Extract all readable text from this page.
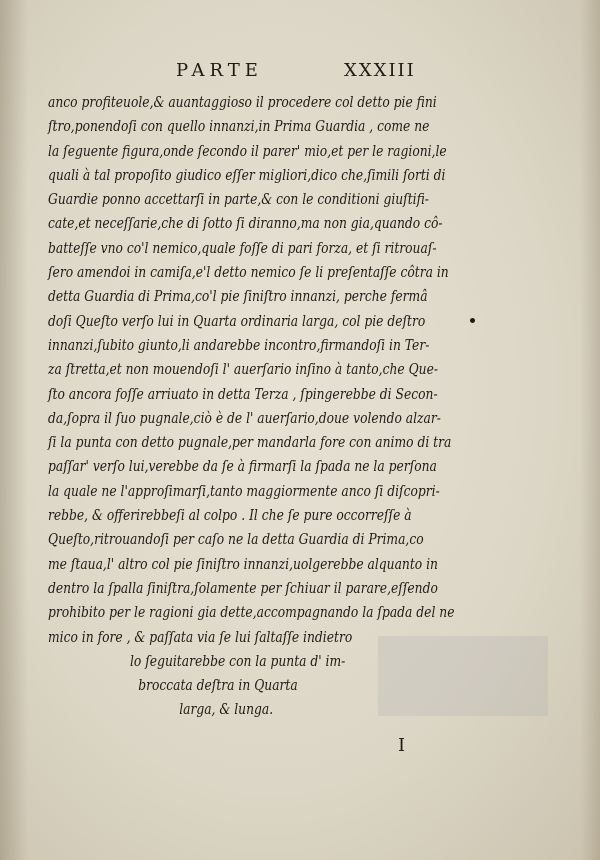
PARTE	XXXIII
anco profiteuole,& auantaggioso il procedere col detto pie fini
ſtro,ponendoſi con quello innanzi,in Prima Guardia , come ne
la ſeguente figura,onde ſecondo il parer' mio,et per le ragioni,le
quali à tal propoſito giudico eſſer migliori,dico che,ſimili ſorti di
Guardie ponno accettarſi in parte,& con le conditioni giuſtifi-
cate,et neceſſarie,che di ſotto ſi diranno,ma non gia,quando cô-
batteſſe vno co'l nemico,quale foſſe di pari forza, et ſi ritrouaſ-
ſero amendoi in camiſa,e'l detto nemico ſe li preſentaſſe côtra in
detta Guardia di Prima,co'l pie ſiniſtro innanzi, perche fermâ
doſi Queſto verſo lui in Quarta ordinaria larga, col pie deſtro
innanzi,ſubito giunto,li andarebbe incontro,firmandoſi in Ter-
za ſtretta,et non mouendoſi l' auerſario inſino à tanto,che Que-
ſto ancora foſſe arriuato in detta Terza , ſpingerebbe di Secon-
da,ſopra il ſuo pugnale,ciò è de l' auerſario,doue volendo alzar-
ſi la punta con detto pugnale,per mandarla fore con animo di tra
paſſar' verſo lui,verebbe da ſe à firmarſi la ſpada ne la perſona
la quale ne l'approſimarſi,tanto maggiormente anco ſi diſcopri-
rebbe, & offerirebbeſi al colpo . Il che ſe pure occorreſſe à
Queſto,ritrouandoſi per caſo ne la detta Guardia di Prima,co
me ſtaua,l' altro col pie ſiniſtro innanzi,uolgerebbe alquanto in
dentro la ſpalla ſiniſtra,ſolamente per ſchiuar il parare,eſſendo
prohibito per le ragioni gia dette,accompagnando la ſpada del ne
mico in fore , & paſſata via ſe lui ſaltaſſe indietro
lo ſeguitarebbe con la punta d' im-
broccata deſtra in Quarta
larga, & lunga.
I
